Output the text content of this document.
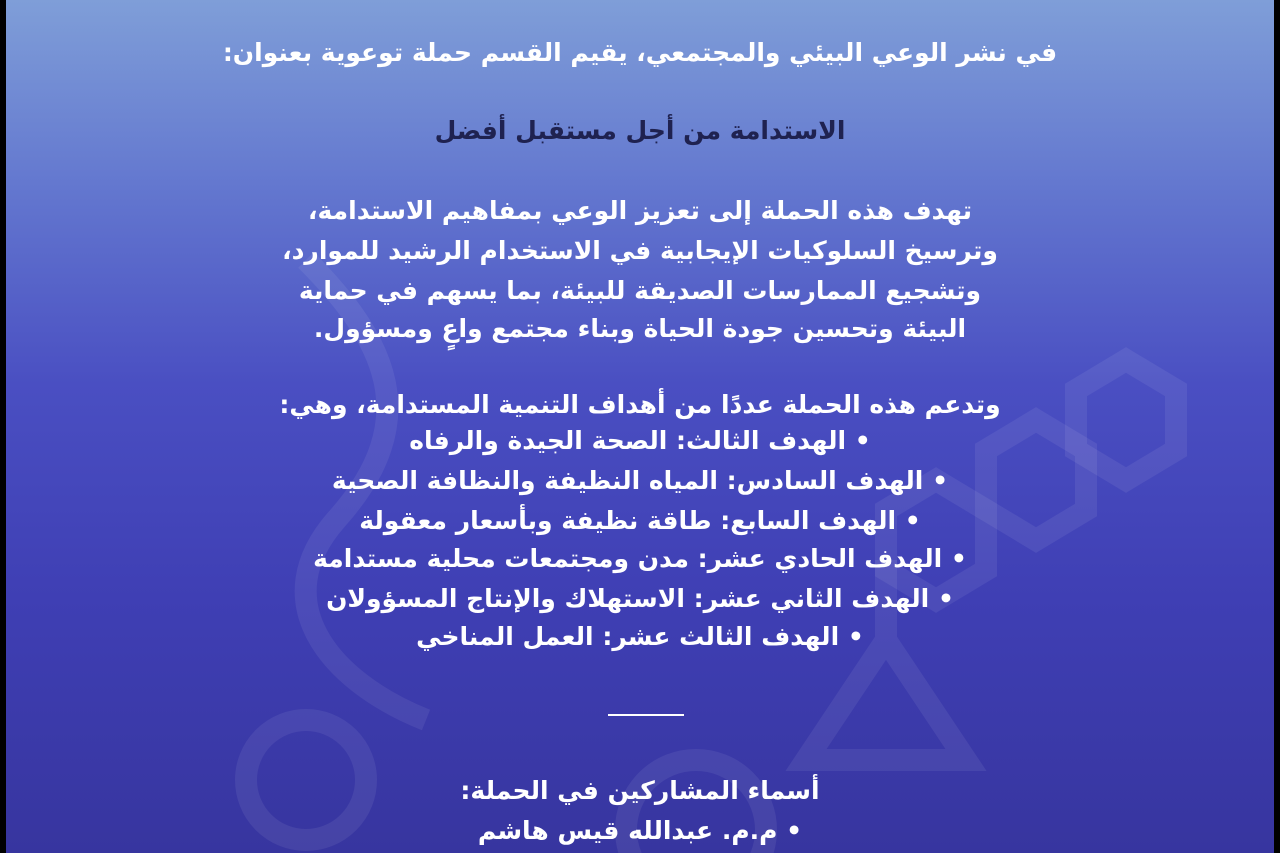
في نشر الوعي البيئي والمجتمعي، يقيم القسم حملة توعوية بعنوان:
الاستدامة من أجل مستقبل أفضل
تهدف هذه الحملة إلى تعزيز الوعي بمفاهيم الاستدامة،
وترسيخ السلوكيات الإيجابية في الاستخدام الرشيد للموارد،
وتشجيع الممارسات الصديقة للبيئة، بما يسهم في حماية
البيئة وتحسين جودة الحياة وبناء مجتمع واعٍ ومسؤول.
وتدعم هذه الحملة عددًا من أهداف التنمية المستدامة، وهي:
• الهدف الثالث: الصحة الجيدة والرفاه
• الهدف السادس: المياه النظيفة والنظافة الصحية
• الهدف السابع: طاقة نظيفة وبأسعار معقولة
• الهدف الحادي عشر: مدن ومجتمعات محلية مستدامة
• الهدف الثاني عشر: الاستهلاك والإنتاج المسؤولان
• الهدف الثالث عشر: العمل المناخي
أسماء المشاركين في الحملة:
• م.م. عبدالله قيس هاشم
